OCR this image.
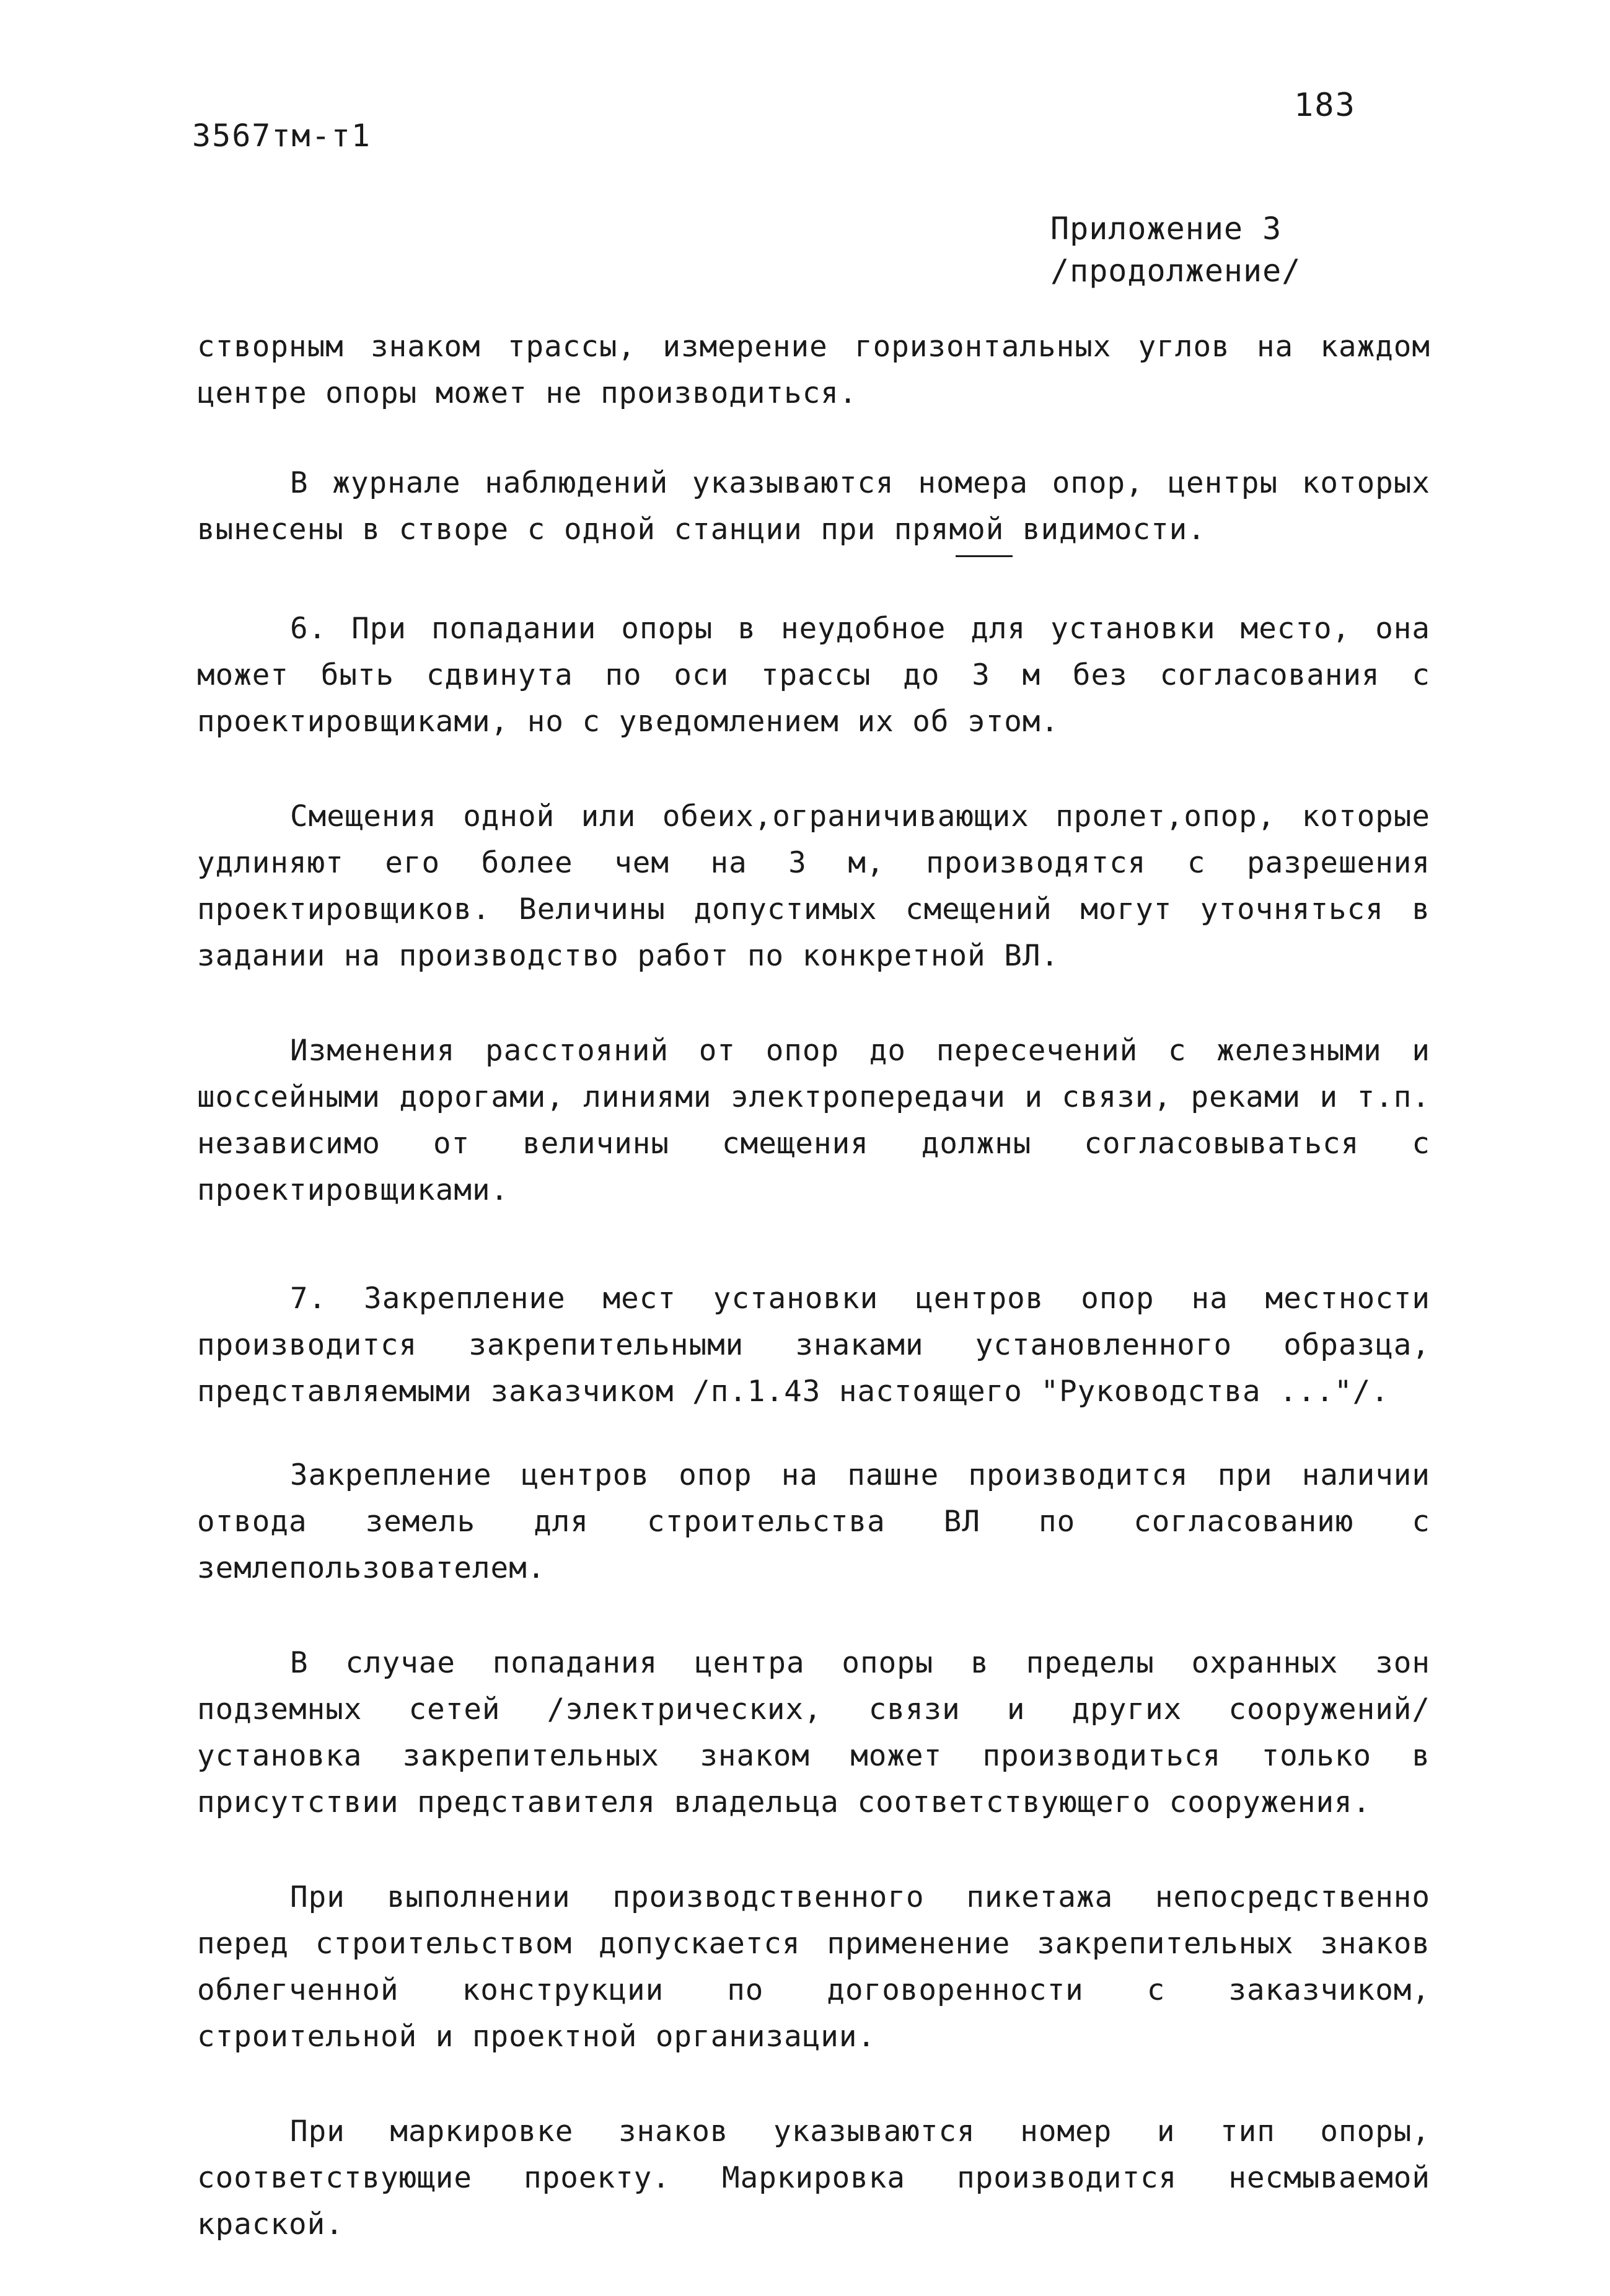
3567тм-т1
183
Приложение 3
/продолжение/

створным знаком трассы, измерение горизонтальных углов на каждом центре опоры может не производиться.

В журнале наблюдений указываются номера опор, центры которых вынесены в створе с одной станции при прямой видимости.

6. При попадании опоры в неудобное для установки место, она может быть сдвинута по оси трассы до 3 м без согласования с проектировщиками, но с уведомлением их об этом.

Смещения одной или обеих,ограничивающих пролет,опор, которые удлиняют его более чем на 3 м, производятся с разрешения проектировщиков. Величины допустимых смещений могут уточняться в задании на производство работ по конкретной ВЛ.

Изменения расстояний от опор до пересечений с железными и шоссейными дорогами, линиями электропередачи и связи, реками и т.п. независимо от величины смещения должны согласовываться с проектировщиками.

7. Закрепление мест установки центров опор на местности производится закрепительными знаками установленного образца, представляемыми заказчиком /п.1.43 настоящего "Руководства ..."/.

Закрепление центров опор на пашне производится при наличии отвода земель для строительства ВЛ по согласованию с землепользователем.

В случае попадания центра опоры в пределы охранных зон подземных сетей /электрических, связи и других сооружений/ установка закрепительных знаком может производиться только в присутствии представителя владельца соответствующего сооружения.

При выполнении производственного пикетажа непосредственно перед строительством допускается применение закрепительных знаков облегченной конструкции по договоренности с заказчиком, строительной и проектной организации.

При маркировке знаков указываются номер и тип опоры, соответствующие проекту. Маркировка производится несмываемой краской.
